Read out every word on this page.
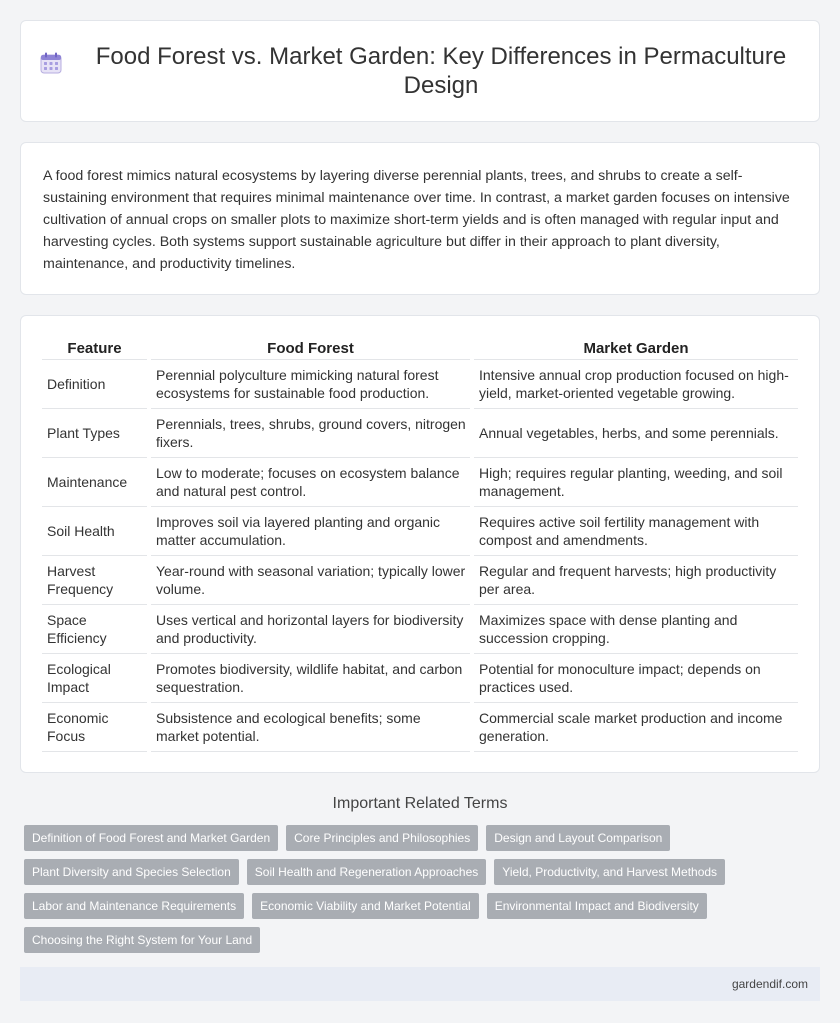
Food Forest vs. Market Garden: Key Differences in Permaculture Design

A food forest mimics natural ecosystems by layering diverse perennial plants, trees, and shrubs to create a self-sustaining environment that requires minimal maintenance over time. In contrast, a market garden focuses on intensive cultivation of annual crops on smaller plots to maximize short-term yields and is often managed with regular input and harvesting cycles. Both systems support sustainable agriculture but differ in their approach to plant diversity, maintenance, and productivity timelines.

Feature	Food Forest	Market Garden
Definition	Perennial polyculture mimicking natural forest ecosystems for sustainable food production.	Intensive annual crop production focused on high-yield, market-oriented vegetable growing.
Plant Types	Perennials, trees, shrubs, ground covers, nitrogen fixers.	Annual vegetables, herbs, and some perennials.
Maintenance	Low to moderate; focuses on ecosystem balance and natural pest control.	High; requires regular planting, weeding, and soil management.
Soil Health	Improves soil via layered planting and organic matter accumulation.	Requires active soil fertility management with compost and amendments.
Harvest Frequency	Year-round with seasonal variation; typically lower volume.	Regular and frequent harvests; high productivity per area.
Space Efficiency	Uses vertical and horizontal layers for biodiversity and productivity.	Maximizes space with dense planting and succession cropping.
Ecological Impact	Promotes biodiversity, wildlife habitat, and carbon sequestration.	Potential for monoculture impact; depends on practices used.
Economic Focus	Subsistence and ecological benefits; some market potential.	Commercial scale market production and income generation.
Important Related Terms
Definition of Food Forest and Market Garden	Core Principles and Philosophies	Design and Layout Comparison
Plant Diversity and Species Selection	Soil Health and Regeneration Approaches	Yield, Productivity, and Harvest Methods
Labor and Maintenance Requirements	Economic Viability and Market Potential	Environmental Impact and Biodiversity
Choosing the Right System for Your Land
gardendif.com
